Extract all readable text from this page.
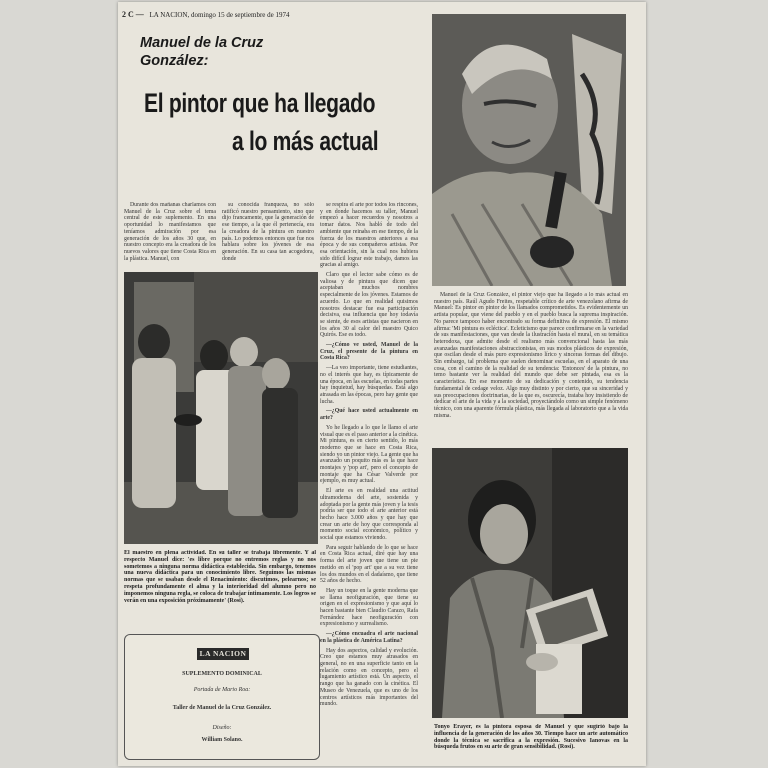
2 C — LA NACION, domingo 15 de septiembre de 1974
Manuel de la Cruz González:
El pintor que ha llegado
a lo más actual

Durante dos mañanas charlamos con Manuel de la Cruz sobre el tema central de este suplemento. En una oportunidad lo manifestamos que teníamos admiración por esa generación de los años 30 que, en nuestro concepto era la creadora de los nuevos valores que tiene Costa Rica en la plástica. Manuel, con

su conocida franqueza, no sólo ratificó nuestro pensamiento, sino que dijo francamente, que la generación de ese tiempo, a la que él pertenecía, era la creadora de la pintura en nuestro país. Lo podemos entonces que fue nos hablara sobre los jóvenes de esa generación. En su casa tan acogedora, donde

se respira el arte por todos los rincones, y en donde hacemos su taller, Manuel empezó a hacer recuerdos y nosotros a tomar datos. Nos habló de todo del ambiente que reinaba en ese tiempo, de la fuerza de los maestros anteriores a esa época y de sus compañeros artistas. Por esa orientación, sin la cual nos hubiera sido difícil lograr este trabajo, damos las gracias al amigo.

Claro que el lector sabe cómo es de valiosa y de pintura que dicen que aceptaban muchos nombres especialmente de los jóvenes. Estamos de acuerdo. Lo que en realidad quisimos nosotros destacar fue esa participación decisiva, esa influencia que hoy todavía se siente, de esos artistas que nacieron en los años 30 al calor del maestro Quico Quirós. Ese es todo.

—¿Cómo ve usted, Manuel de la Cruz, el presente de la pintura en Costa Rica?

—La veo importante, tiene estudiantes, no el interés que hay, es típicamente de una época, en las escuelas, en todas partes hay inquietud, hay búsquedas. Está algo atrasada en las épocas, pero hay gente que lucha.

—¿Qué hace usted actualmente en arte?

Yo he llegado a lo que le llamo el arte visual que es el paso anterior a la cinética. Mi pintura, es en cierto sentido, lo más moderno que se hace en Costa Rica, siendo yo un pintor viejo. La gente que ha avanzado un poquito más es la que hace montajes y 'pop art', pero el concepto de montaje que ha César Valverde por ejemplo, es muy actual.

El arte es en realidad una actitud ultramoderna del arte, sostenida y adoptada por la gente más joven y la tesis podría ser que todo el arte anterior está hecho hace 3.000 años y que hay que crear un arte de hoy que corresponda al momento social económico, político y social que estamos viviendo.

Para seguir hablando de lo que se hace en Costa Rica actual, diré que hay una forma del arte joven que tiene un pie metido en el 'pop art' que a su vez tiene los dos mundos en el dadaísmo, que tiene 52 años de hecho.

Hay un toque en la gente moderna que se llama neofiguración, que tiene su origen en el expresionismo y que aquí lo hacen bastante bien Claudio Carazo, Rafa Fernández hace neofiguración con expresionismo y surrealismo.

—¿Cómo encuadra el arte nacional en la plástica de América Latina?

Hay dos aspectos, calidad y evolución. Creo que estamos muy atrasados en general, no en una superficie tanto en la relación como en concepto, pero el lugamiento artístico está. Un aspecto, el rango que ha ganado con la cinética. El Museo de Venezuela, que es uno de los centros artísticos más importantes del mundo.

El maestro en plena actividad. En su taller se trabaja libremente. Y al respecto Manuel dice: 'es libre porque no entremos reglas y no nos sometemos a ninguna norma didáctica establecida. Sin embargo, tenemos una nueva didáctica para un conocimiento libre. Seguimos las mismas normas que se usaban desde el Renacimiento: discutimos, pelearnos; se respeta profundamente el alma y la interioridad del alumno pero no imponemos ninguna regla, se coloca de trabajar íntimamente. Los logros se verán en una exposición próximamente' (Rosi).
LA NACION
SUPLEMENTO DOMINICAL
Portada de Mario Roa:
Taller de Manuel de la Cruz González.
Diseño:
William Solano.

Manuel de la Cruz González, el pintor viejo que ha llegado a lo más actual en nuestro país. Raúl Agudo Freites, respetable crítico de arte venezolano afirma de Manuel: Es pintor en pintor de los llamados comprometidos. Es evidentemente un artista popular, que viene del pueblo y en el pueblo busca la suprema inspiración. No parece tampoco haber encontrado su forma definitiva de expresión. El mismo afirma: 'Mi pintura es ecléctica'. Ecleticismo que parece confirmarse en la variedad de sus manifestaciones, que van desde la ilustración hasta el mural, en su temática heterodoxa, que admite desde el realismo más convencional hasta las más avanzadas manifestaciones abstraccionistas, en sus modos plásticos de expresión, que oscilan desde el más puro expresionismo lírico y sinceras formas del dibujo. Sin embargo, tal problema que suelen denominar escuelas, en el aparato de una cosa, con el camino de la realidad de su tendencia: 'Entonces' de la pintura, no temo bastante ver la realidad del mundo que debe ser pintada, esa es la característica. En ese momento de su dedicación y contenido, su tendencia fundamental de cedage veloz. Algo muy distinto y por cierto, que su sinceridad y sus preocupaciones doctrinarias, de la que es, oscurecía, trataba hoy insistiendo de dedicar el arte de la vida y a la sociedad, proyectándolo como un simple fenómeno técnico, con una aparente fórmula plástica, más llegada al laboratorio que a la vida misma.

Tonyo Erayer, es la pintora esposa de Manuel y que sugirió bajo la influencia de la generación de los años 30. Tiempo hace un arte automático donde la técnica se sacrifica a la expresión. Sucesivo Ianovas en la búsqueda frutos en su arte de gran sensibilidad. (Rosi).
